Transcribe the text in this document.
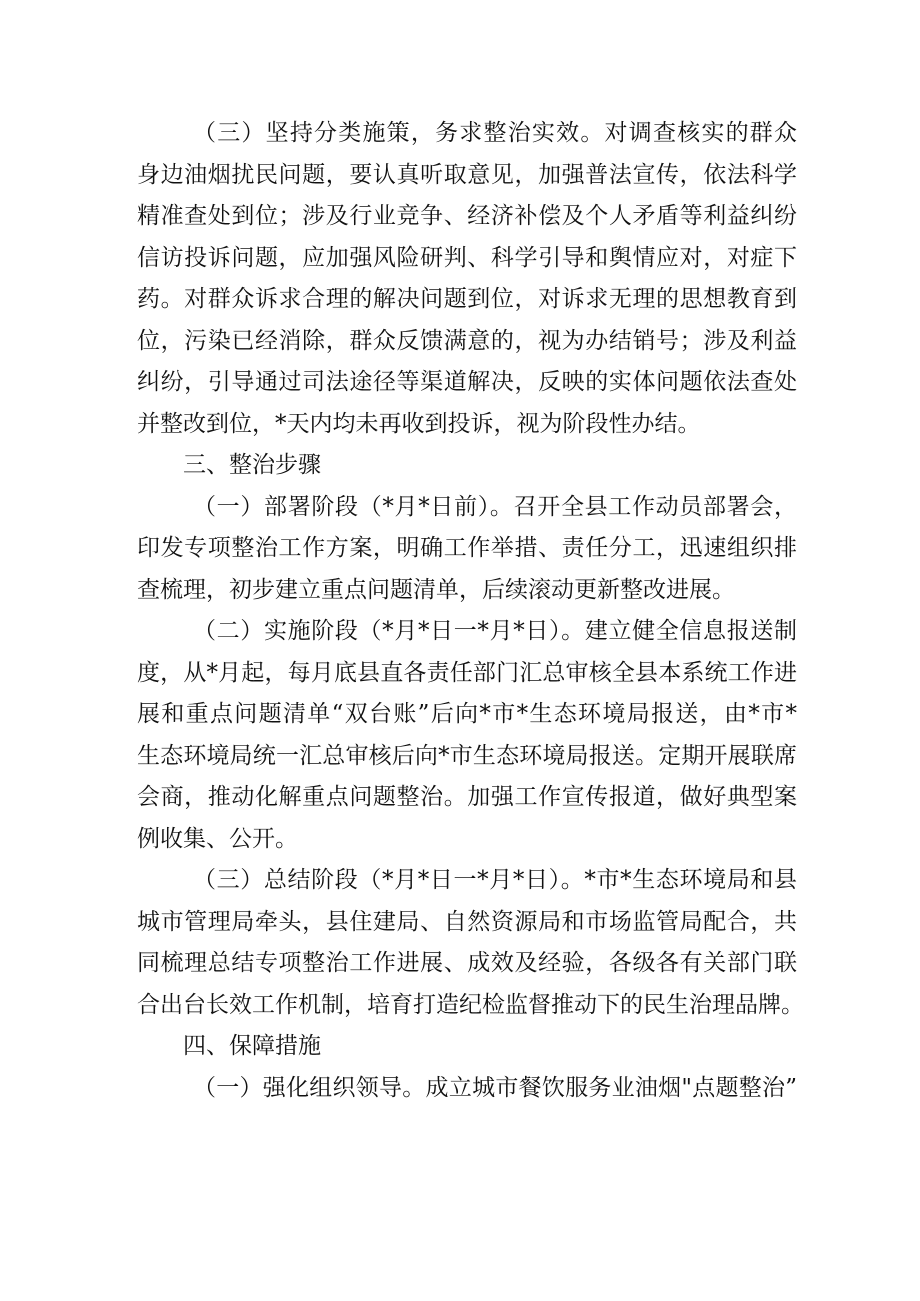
（三）坚持分类施策，务求整治实效。对调查核实的群众
身边油烟扰民问题，要认真听取意见，加强普法宣传，依法科学
精准查处到位；涉及行业竞争、经济补偿及个人矛盾等利益纠纷
信访投诉问题，应加强风险研判、科学引导和舆情应对，对症下
药。对群众诉求合理的解决问题到位，对诉求无理的思想教育到
位，污染已经消除，群众反馈满意的，视为办结销号；涉及利益
纠纷，引导通过司法途径等渠道解决，反映的实体问题依法查处
并整改到位，*天内均未再收到投诉，视为阶段性办结。
三、整治步骤
（一）部署阶段（*月*日前）。召开全县工作动员部署会，
印发专项整治工作方案，明确工作举措、责任分工，迅速组织排
查梳理，初步建立重点问题清单，后续滚动更新整改进展。
（二）实施阶段（*月*日一*月*日）。建立健全信息报送制
度，从*月起，每月底县直各责任部门汇总审核全县本系统工作进
展和重点问题清单“双台账”后向*市*生态环境局报送，由*市*
生态环境局统一汇总审核后向*市生态环境局报送。定期开展联席
会商，推动化解重点问题整治。加强工作宣传报道，做好典型案
例收集、公开。
（三）总结阶段（*月*日一*月*日）。*市*生态环境局和县
城市管理局牵头，县住建局、自然资源局和市场监管局配合，共
同梳理总结专项整治工作进展、成效及经验，各级各有关部门联
合出台长效工作机制，培育打造纪检监督推动下的民生治理品牌。
四、保障措施
（一）强化组织领导。成立城市餐饮服务业油烟"点题整治”
